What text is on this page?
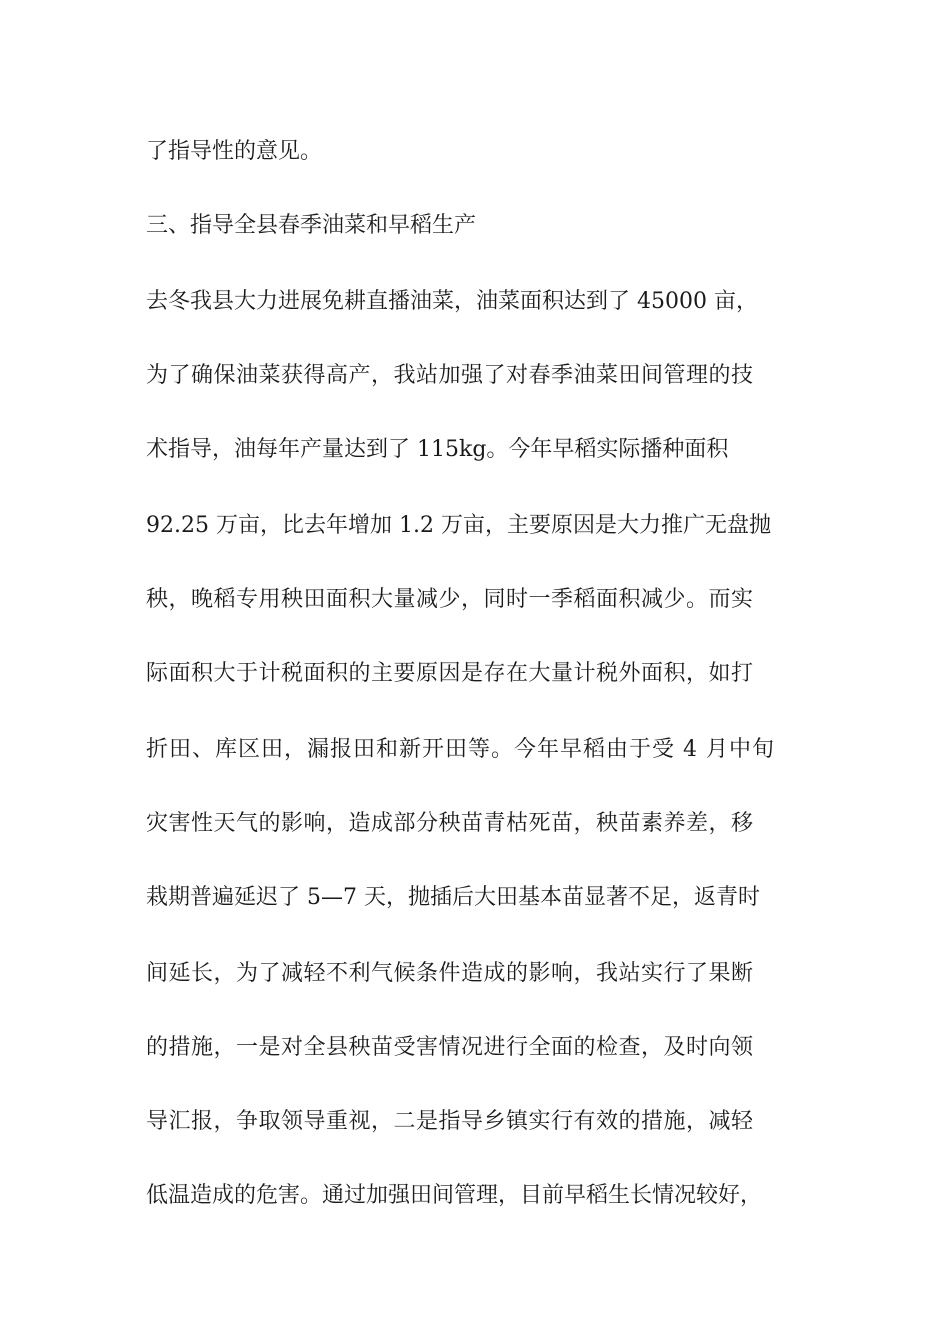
了指导性的意见。
三、指导全县春季油菜和早稻生产
去冬我县大力进展免耕直播油菜，油菜面积达到了 45000 亩，
为了确保油菜获得高产，我站加强了对春季油菜田间管理的技
术指导，油每年产量达到了 115kg。今年早稻实际播种面积
92.25 万亩，比去年增加 1.2 万亩，主要原因是大力推广无盘抛
秧，晚稻专用秧田面积大量减少，同时一季稻面积减少。而实
际面积大于计税面积的主要原因是存在大量计税外面积，如打
折田、库区田，漏报田和新开田等。今年早稻由于受 4 月中旬
灾害性天气的影响，造成部分秧苗青枯死苗，秧苗素养差，移
栽期普遍延迟了 5—7 天，抛插后大田基本苗显著不足，返青时
间延长，为了减轻不利气候条件造成的影响，我站实行了果断
的措施，一是对全县秧苗受害情况进行全面的检查，及时向领
导汇报，争取领导重视，二是指导乡镇实行有效的措施，减轻
低温造成的危害。通过加强田间管理，目前早稻生长情况较好，
